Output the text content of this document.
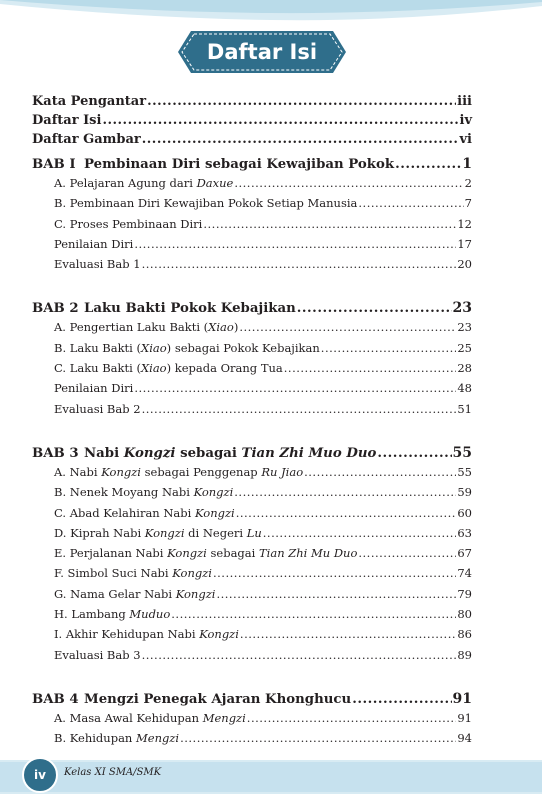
Daftar Isi
Kata Pengantar .....	iii
Daftar Isi .....	iv
Daftar Gambar .....	vi
BAB I Pembinaan Diri sebagai Kewajiban Pokok .....	1
A. Pelajaran Agung dari Daxue .....	2
B. Pembinaan Diri Kewajiban Pokok Setiap Manusia .....	7
C. Proses Pembinaan Diri .....	12
Penilaian Diri .....	17
Evaluasi Bab 1 .....	20
BAB 2 Laku Bakti Pokok Kebajikan .....	23
A. Pengertian Laku Bakti (Xiao) .....	23
B. Laku Bakti (Xiao) sebagai Pokok Kebajikan .....	25
C. Laku Bakti (Xiao) kepada Orang Tua .....	28
Penilaian Diri .....	48
Evaluasi Bab 2 .....	51
BAB 3 Nabi Kongzi sebagai Tian Zhi Muo Duo .....	55
A. Nabi Kongzi sebagai Penggenap Ru Jiao .....	55
B. Nenek Moyang Nabi Kongzi .....	59
C. Abad Kelahiran Nabi Kongzi .....	60
D. Kiprah Nabi Kongzi di Negeri Lu .....	63
E. Perjalanan Nabi Kongzi sebagai Tian Zhi Mu Duo .....	67
F. Simbol Suci Nabi Kongzi .....	74
G. Nama Gelar Nabi Kongzi .....	79
H. Lambang Muduo .....	80
I. Akhir Kehidupan Nabi Kongzi .....	86
Evaluasi Bab 3 .....	89
BAB 4 Mengzi Penegak Ajaran Khonghucu .....	91
A. Masa Awal Kehidupan Mengzi .....	91
B. Kehidupan Mengzi .....	94
iv	Kelas XI SMA/SMK
